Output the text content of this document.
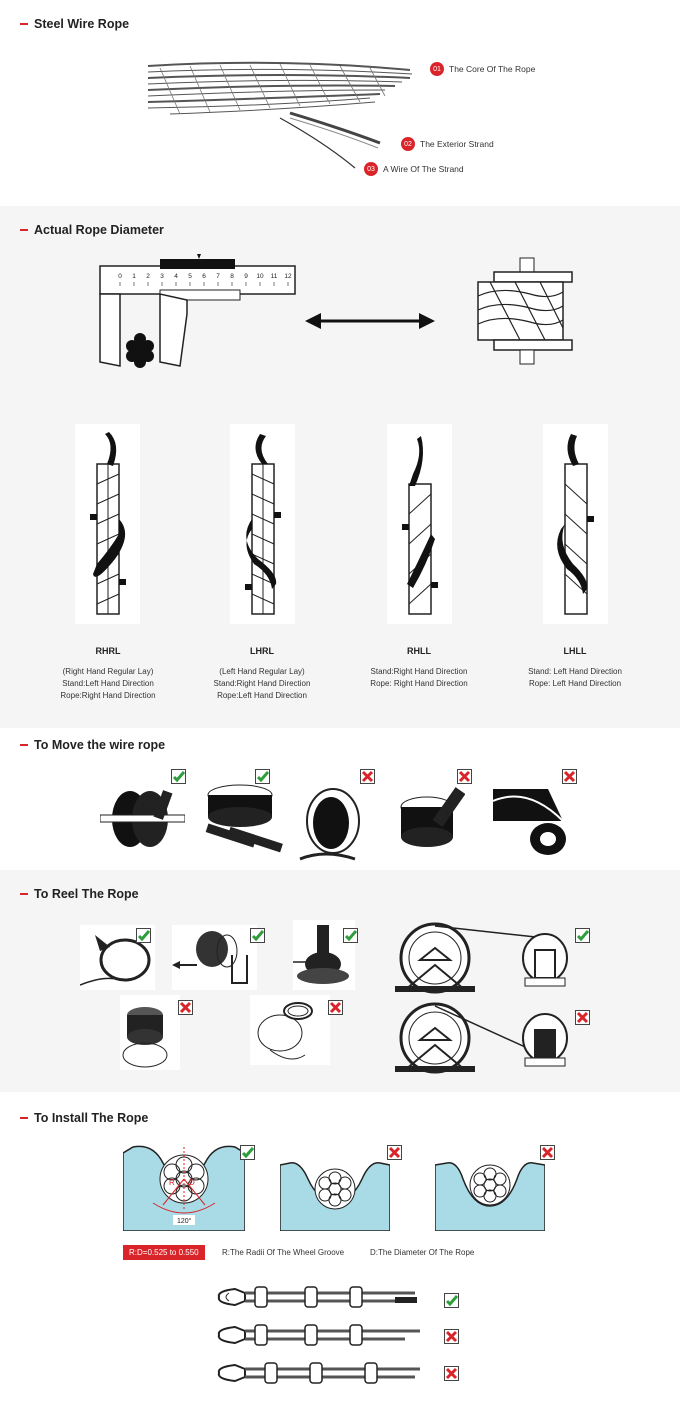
Steel Wire Rope
01 The Core Of The Rope
02 The Exterior Strand
03 A Wire Of The Strand
Actual Rope Diameter
0 1 2 3 4 5 6 7 8 9 10 11 12
RHRL	LHRL	RHLL	LHLL
(Right Hand Regular Lay)
Stand:Left Hand Direction
Rope:Right Hand Direction
(Left Hand Regular Lay)
Stand:Right Hand Direction
Rope:Left Hand Direction
Stand:Right Hand Direction
Rope: Right Hand Direction
Stand: Left Hand Direction
Rope: Left Hand Direction
To Move the wire rope
To Reel The Rope
To Install The Rope
R D
120°
R:D=0.525 to 0.550	R:The Radii Of The Wheel Groove	D:The Diameter Of The Rope
